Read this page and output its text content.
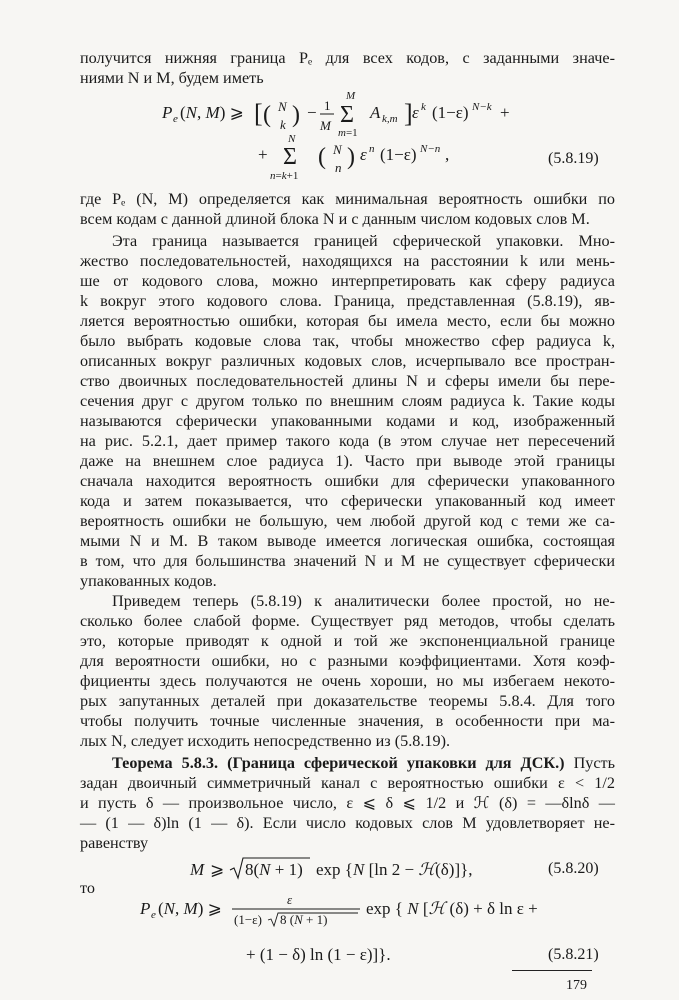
получится нижняя граница Pₑ для всех кодов, с заданными значе-
ниями N и M, будем иметь
P e (N, M) ⩾ [ ( N
k ) − 1
M
M
Σ
m=1
A k,m ] ε k (1−ε) N−k +
+
N
Σ
n=k+1
( N
n ) ε n (1−ε) N−n ,	(5.8.19)
где Pₑ (N, M) определяется как минимальная вероятность ошибки по
всем кодам с данной длиной блока N и с данным числом кодовых слов M.
Эта граница называется границей сферической упаковки. Мно-
жество последовательностей, находящихся на расстоянии k или мень-
ше от кодового слова, можно интерпретировать как сферу радиуса
k вокруг этого кодового слова. Граница, представленная (5.8.19), яв-
ляется вероятностью ошибки, которая бы имела место, если бы можно
было выбрать кодовые слова так, чтобы множество сфер радиуса k,
описанных вокруг различных кодовых слов, исчерпывало все простран-
ство двоичных последовательностей длины N и сферы имели бы пере-
сечения друг с другом только по внешним слоям радиуса k. Такие коды
называются сферически упакованными кодами и код, изображенный
на рис. 5.2.1, дает пример такого кода (в этом случае нет пересечений
даже на внешнем слое радиуса 1). Часто при выводе этой границы
сначала находится вероятность ошибки для сферически упакованного
кода и затем показывается, что сферически упакованный код имеет
вероятность ошибки не большую, чем любой другой код с теми же са-
мыми N и M. В таком выводе имеется логическая ошибка, состоящая
в том, что для большинства значений N и M не существует сферически
упакованных кодов.
Приведем теперь (5.8.19) к аналитически более простой, но не-
сколько более слабой форме. Существует ряд методов, чтобы сделать
это, которые приводят к одной и той же экспоненциальной границе
для вероятности ошибки, но с разными коэффициентами. Хотя коэф-
фициенты здесь получаются не очень хороши, но мы избегаем некото-
рых запутанных деталей при доказательстве теоремы 5.8.4. Для того
чтобы получить точные численные значения, в особенности при ма-
лых N, следует исходить непосредственно из (5.8.19).
Теорема 5.8.3. (Граница сферической упаковки для ДСК.) Пусть
задан двоичный симметричный канал с вероятностью ошибки ε < 1/2
и пусть δ — произвольное число, ε ⩽ δ ⩽ 1/2 и ℋ (δ) = —δlnδ —
— (1 — δ)ln (1 — δ). Если число кодовых слов M удовлетворяет не-
равенству
M ⩾ 8(N + 1) exp {N [ln 2 − ℋ(δ)]},	(5.8.20)
то
P e (N, M) ⩾	ε
(1−ε) 8 (N + 1)
exp { N [ℋ (δ) + δ ln ε +
+ (1 − δ) ln (1 − ε)]}.	(5.8.21)
179
